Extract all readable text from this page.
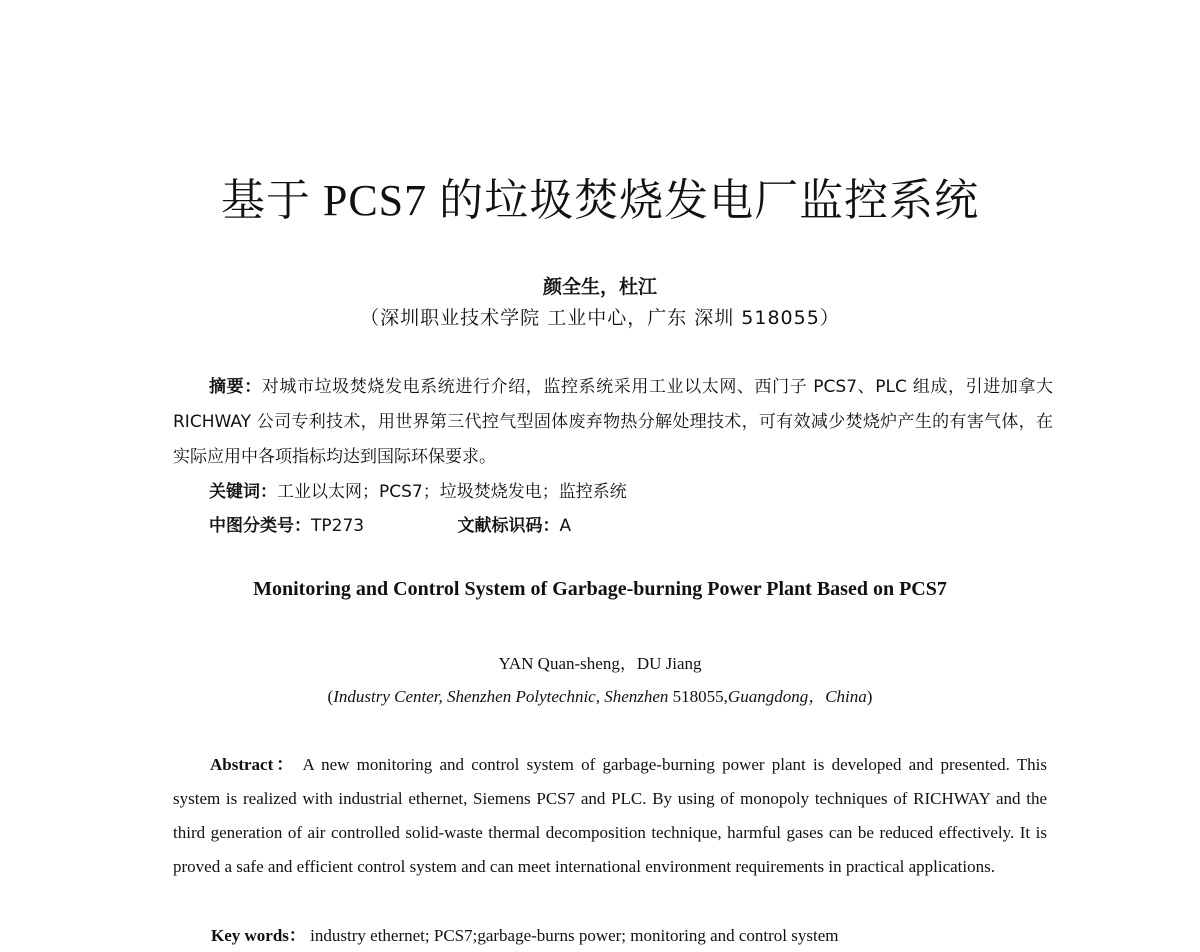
基于 PCS7 的垃圾焚烧发电厂监控系统
颜全生，杜江
（深圳职业技术学院 工业中心，广东 深圳 518055）
摘要：对城市垃圾焚烧发电系统进行介绍，监控系统采用工业以太网、西门子 PCS7、PLC 组成，引进加拿大 RICHWAY 公司专利技术，用世界第三代控气型固体废弃物热分解处理技术，可有效减少焚烧炉产生的有害气体，在实际应用中各项指标均达到国际环保要求。
关键词：工业以太网；PCS7；垃圾焚烧发电；监控系统
中图分类号：TP273	文献标识码：A
Monitoring and Control System of Garbage-burning Power Plant Based on PCS7
YAN Quan-sheng，DU Jiang
(Industry Center, Shenzhen Polytechnic, Shenzhen 518055,Guangdong，China)
Abstract： A new monitoring and control system of garbage-burning power plant is developed and presented. This system is realized with industrial ethernet, Siemens PCS7 and PLC. By using of monopoly techniques of RICHWAY and the third generation of air controlled solid-waste thermal decomposition technique, harmful gases can be reduced effectively. It is proved a safe and efficient control system and can meet international environment requirements in practical applications.
Key words： industry ethernet; PCS7;garbage-burns power; monitoring and control system
